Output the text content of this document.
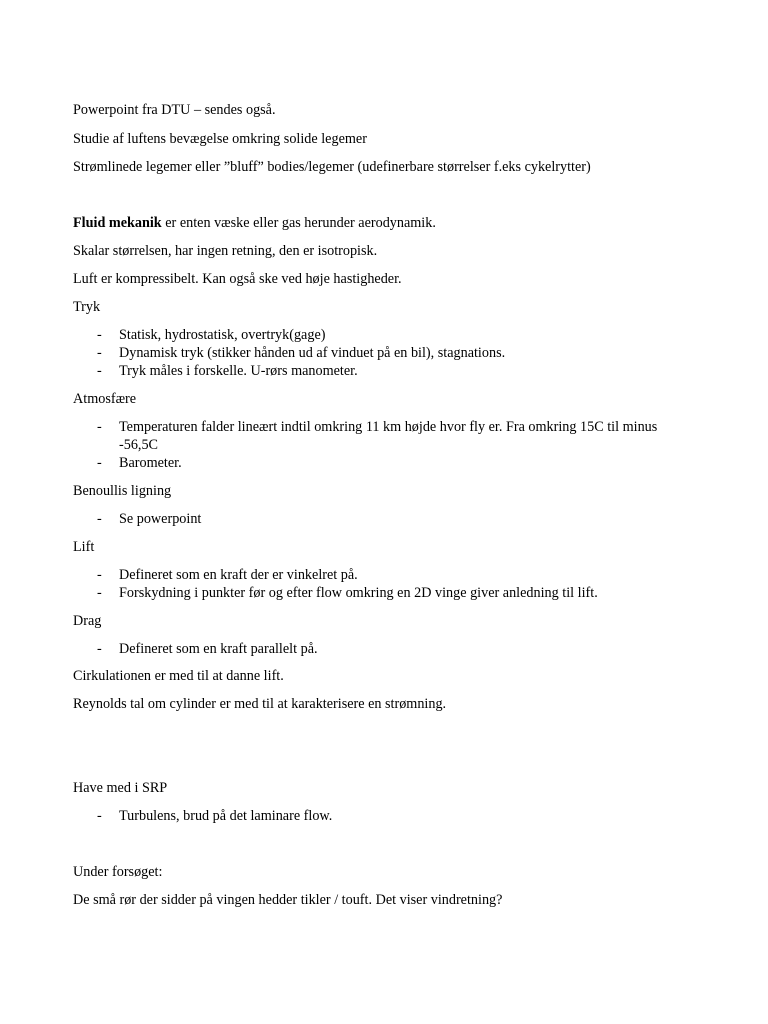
Powerpoint fra DTU – sendes også.
Studie af luftens bevægelse omkring solide legemer
Strømlinede legemer eller ”bluff” bodies/legemer (udefinerbare størrelser f.eks cykelrytter)
Fluid mekanik er enten væske eller gas herunder aerodynamik.
Skalar størrelsen, har ingen retning, den er isotropisk.
Luft er kompressibelt. Kan også ske ved høje hastigheder.
Tryk
-	Statisk, hydrostatisk, overtryk(gage)
-	Dynamisk tryk (stikker hånden ud af vinduet på en bil), stagnations.
-	Tryk måles i forskelle. U-rørs manometer.
Atmosfære
-	Temperaturen falder lineært indtil omkring 11 km højde hvor fly er. Fra omkring 15C til minus -56,5C
-	Barometer.
Benoullis ligning
-	Se powerpoint
Lift
-	Defineret som en kraft der er vinkelret på.
-	Forskydning i punkter før og efter flow omkring en 2D vinge giver anledning til lift.
Drag
-	Defineret som en kraft parallelt på.
Cirkulationen er med til at danne lift.
Reynolds tal om cylinder er med til at karakterisere en strømning.
Have med i SRP
-	Turbulens, brud på det laminare flow.
Under forsøget:
De små rør der sidder på vingen hedder tikler / touft. Det viser vindretning?
